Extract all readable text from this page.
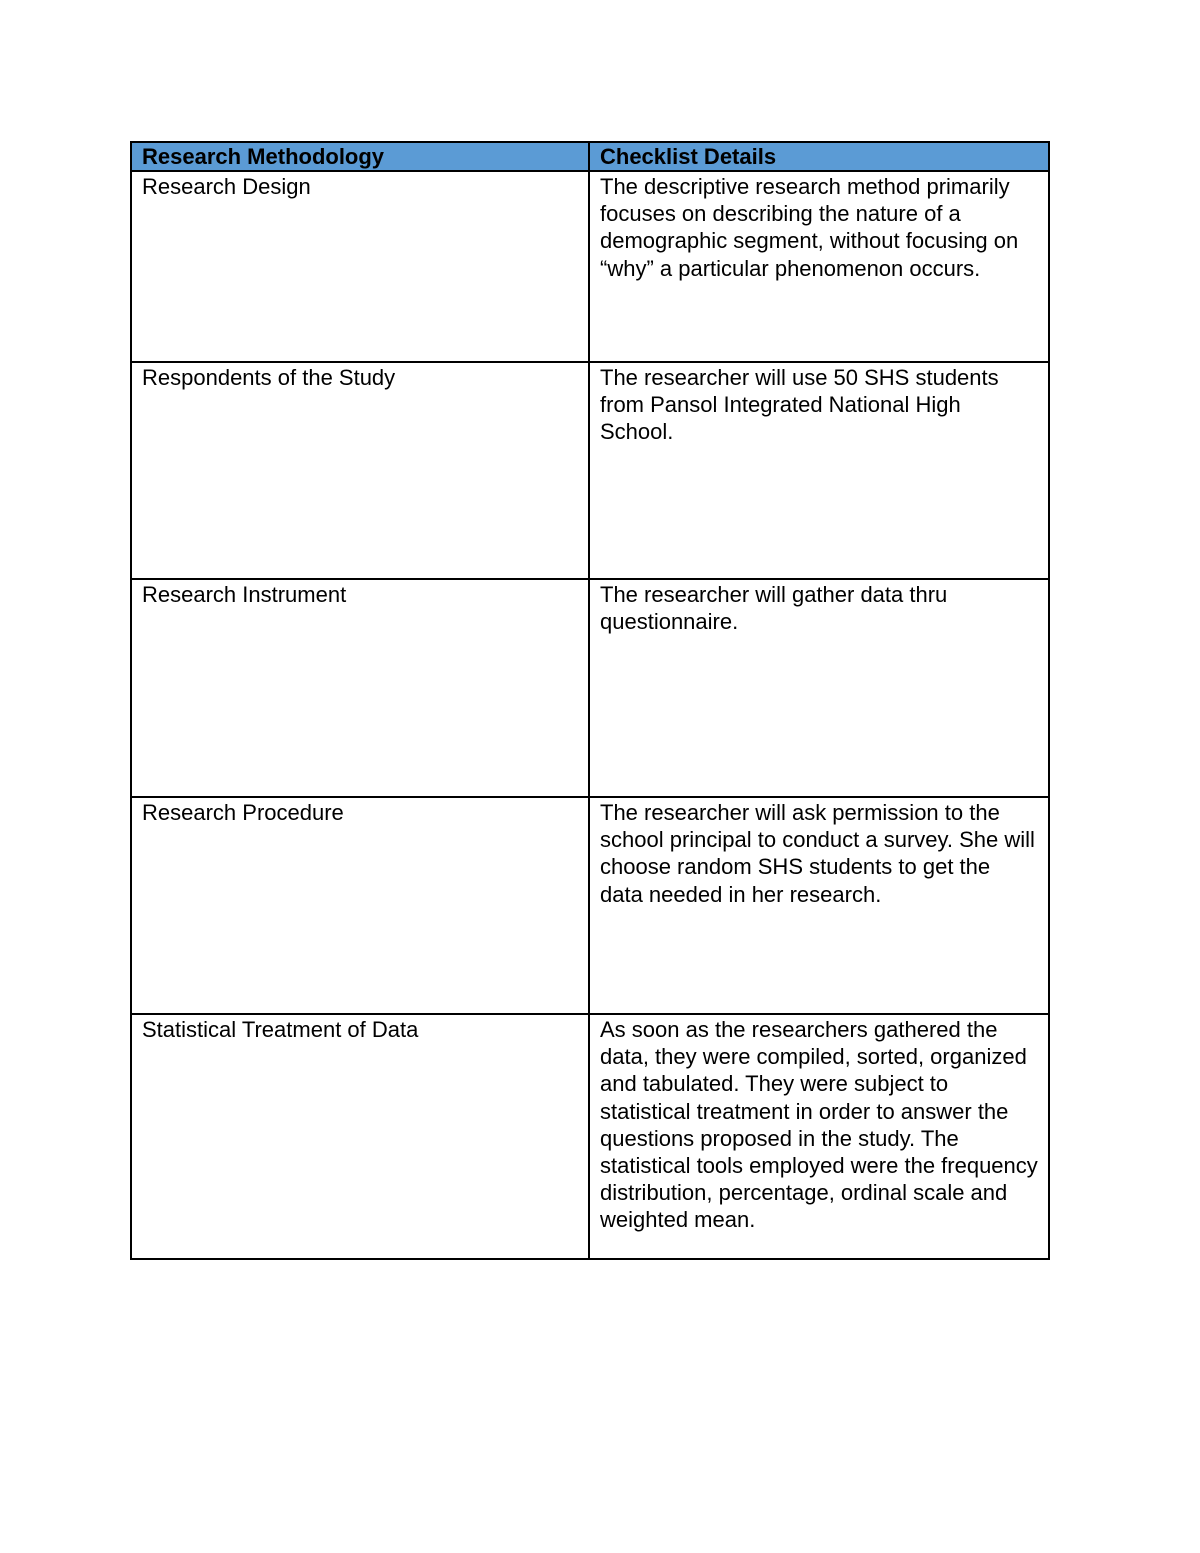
Research Methodology	Checklist Details

Research Design	The descriptive research method primarily focuses on describing the nature of a demographic segment, without focusing on “why” a particular phenomenon occurs.

Respondents of the Study	The researcher will use 50 SHS students from Pansol Integrated National High School.

Research Instrument	The researcher will gather data thru questionnaire.

Research Procedure	The researcher will ask permission to the school principal to conduct a survey. She will choose random SHS students to get the data needed in her research.

Statistical Treatment of Data	As soon as the researchers gathered the data, they were compiled, sorted, organized and tabulated. They were subject to statistical treatment in order to answer the questions proposed in the study. The statistical tools employed were the frequency distribution, percentage, ordinal scale and weighted mean.
